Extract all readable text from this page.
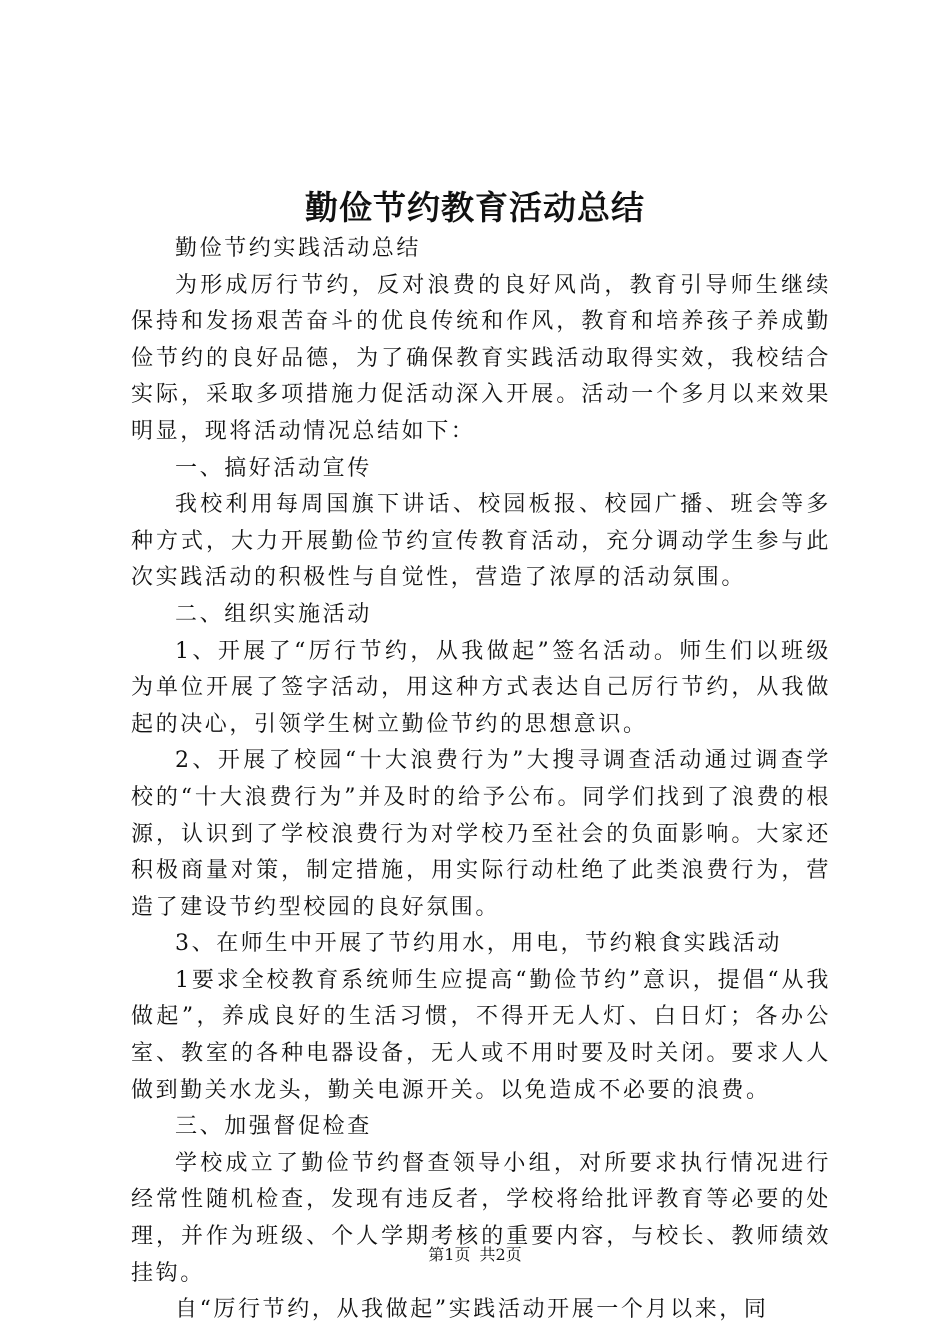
勤俭节约教育活动总结

勤俭节约实践活动总结

为形成厉行节约，反对浪费的良好风尚，教育引导师生继续保持和发扬艰苦奋斗的优良传统和作风，教育和培养孩子养成勤俭节约的良好品德，为了确保教育实践活动取得实效，我校结合实际，采取多项措施力促活动深入开展。活动一个多月以来效果明显，现将活动情况总结如下：

一、搞好活动宣传

我校利用每周国旗下讲话、校园板报、校园广播、班会等多种方式，大力开展勤俭节约宣传教育活动，充分调动学生参与此次实践活动的积极性与自觉性，营造了浓厚的活动氛围。

二、组织实施活动

1、开展了“厉行节约，从我做起”签名活动。师生们以班级为单位开展了签字活动，用这种方式表达自己厉行节约，从我做起的决心，引领学生树立勤俭节约的思想意识。

2、开展了校园“十大浪费行为”大搜寻调查活动通过调查学校的“十大浪费行为”并及时的给予公布。同学们找到了浪费的根源，认识到了学校浪费行为对学校乃至社会的负面影响。大家还积极商量对策，制定措施，用实际行动杜绝了此类浪费行为，营造了建设节约型校园的良好氛围。

3、在师生中开展了节约用水，用电，节约粮食实践活动

1要求全校教育系统师生应提高“勤俭节约”意识，提倡“从我做起”，养成良好的生活习惯，不得开无人灯、白日灯；各办公室、教室的各种电器设备，无人或不用时要及时关闭。要求人人做到勤关水龙头，勤关电源开关。以免造成不必要的浪费。

三、加强督促检查

学校成立了勤俭节约督查领导小组，对所要求执行情况进行经常性随机检查，发现有违反者，学校将给批评教育等必要的处理，并作为班级、个人学期考核的重要内容，与校长、教师绩效挂钩。

自“厉行节约，从我做起”实践活动开展一个月以来，同

第1页 共2页
